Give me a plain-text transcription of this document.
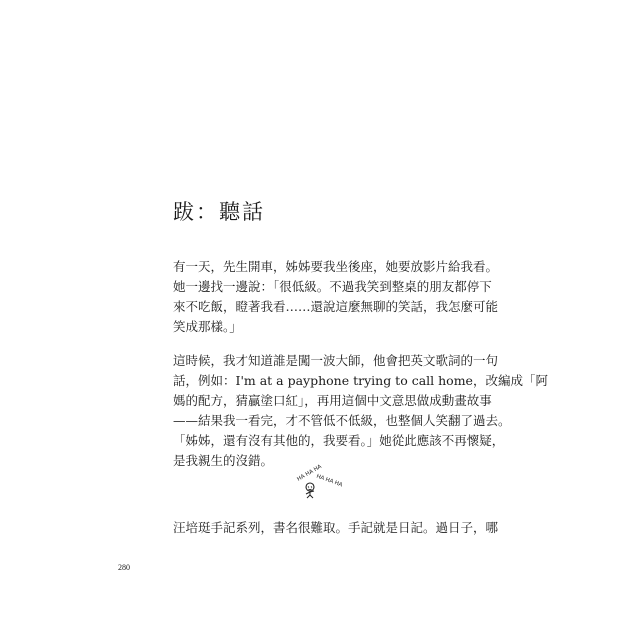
跋：聽話

有一天，先生開車，姊姊要我坐後座，她要放影片給我看。
她一邊找一邊說：「很低級。不過我笑到整桌的朋友都停下
來不吃飯，瞪著我看……還說這麼無聊的笑話，我怎麼可能
笑成那樣。」

這時候，我才知道誰是闖一波大師，他會把英文歌詞的一句
話，例如：I'm at a payphone trying to call home，改編成「阿
媽的配方，猜贏塗口紅」，再用這個中文意思做成動畫故事
——結果我一看完，才不管低不低級，也整個人笑翻了過去。
「姊姊，還有沒有其他的，我要看。」她從此應該不再懷疑，
是我親生的沒錯。

HA HA HA
HA HA HA

汪培珽手記系列，書名很難取。手記就是日記。過日子，哪

280
